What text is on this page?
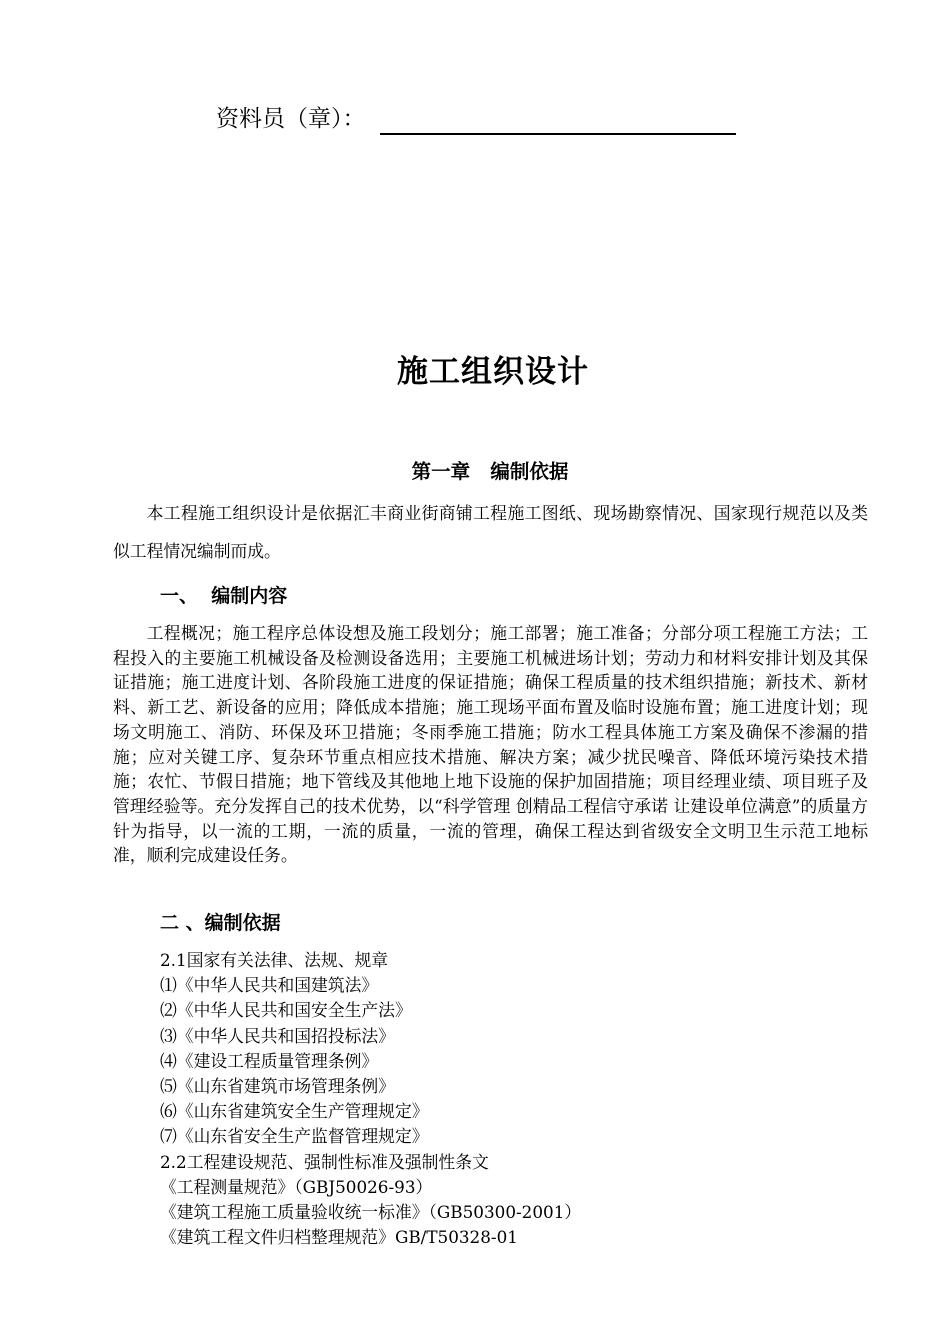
资料员（章）：
施工组织设计
第一章   编制依据

本工程施工组织设计是依据汇丰商业街商铺工程施工图纸、现场勘察情况、国家现行规范以及类似工程情况编制而成。

一、  编制内容

工程概况；施工程序总体设想及施工段划分；施工部署；施工准备；分部分项工程施工方法；工程投入的主要施工机械设备及检测设备选用；主要施工机械进场计划；劳动力和材料安排计划及其保证措施；施工进度计划、各阶段施工进度的保证措施；确保工程质量的技术组织措施；新技术、新材料、新工艺、新设备的应用；降低成本措施；施工现场平面布置及临时设施布置；施工进度计划；现场文明施工、消防、环保及环卫措施；冬雨季施工措施；防水工程具体施工方案及确保不渗漏的措施；应对关键工序、复杂环节重点相应技术措施、解决方案；减少扰民噪音、降低环境污染技术措施；农忙、节假日措施；地下管线及其他地上地下设施的保护加固措施；项目经理业绩、项目班子及管理经验等。充分发挥自己的技术优势，以“科学管理 创精品工程信守承诺 让建设单位满意”的质量方针为指导，以一流的工期，一流的质量，一流的管理，确保工程达到省级安全文明卫生示范工地标准，顺利完成建设任务。

二 、编制依据
2.1国家有关法律、法规、规章
⑴《中华人民共和国建筑法》
⑵《中华人民共和国安全生产法》
⑶《中华人民共和国招投标法》
⑷《建设工程质量管理条例》
⑸《山东省建筑市场管理条例》
⑹《山东省建筑安全生产管理规定》
⑺《山东省安全生产监督管理规定》
2.2工程建设规范、强制性标准及强制性条文
《工程测量规范》（GBJ50026-93）
《建筑工程施工质量验收统一标准》（GB50300-2001）
《建筑工程文件归档整理规范》GB/T50328-01
